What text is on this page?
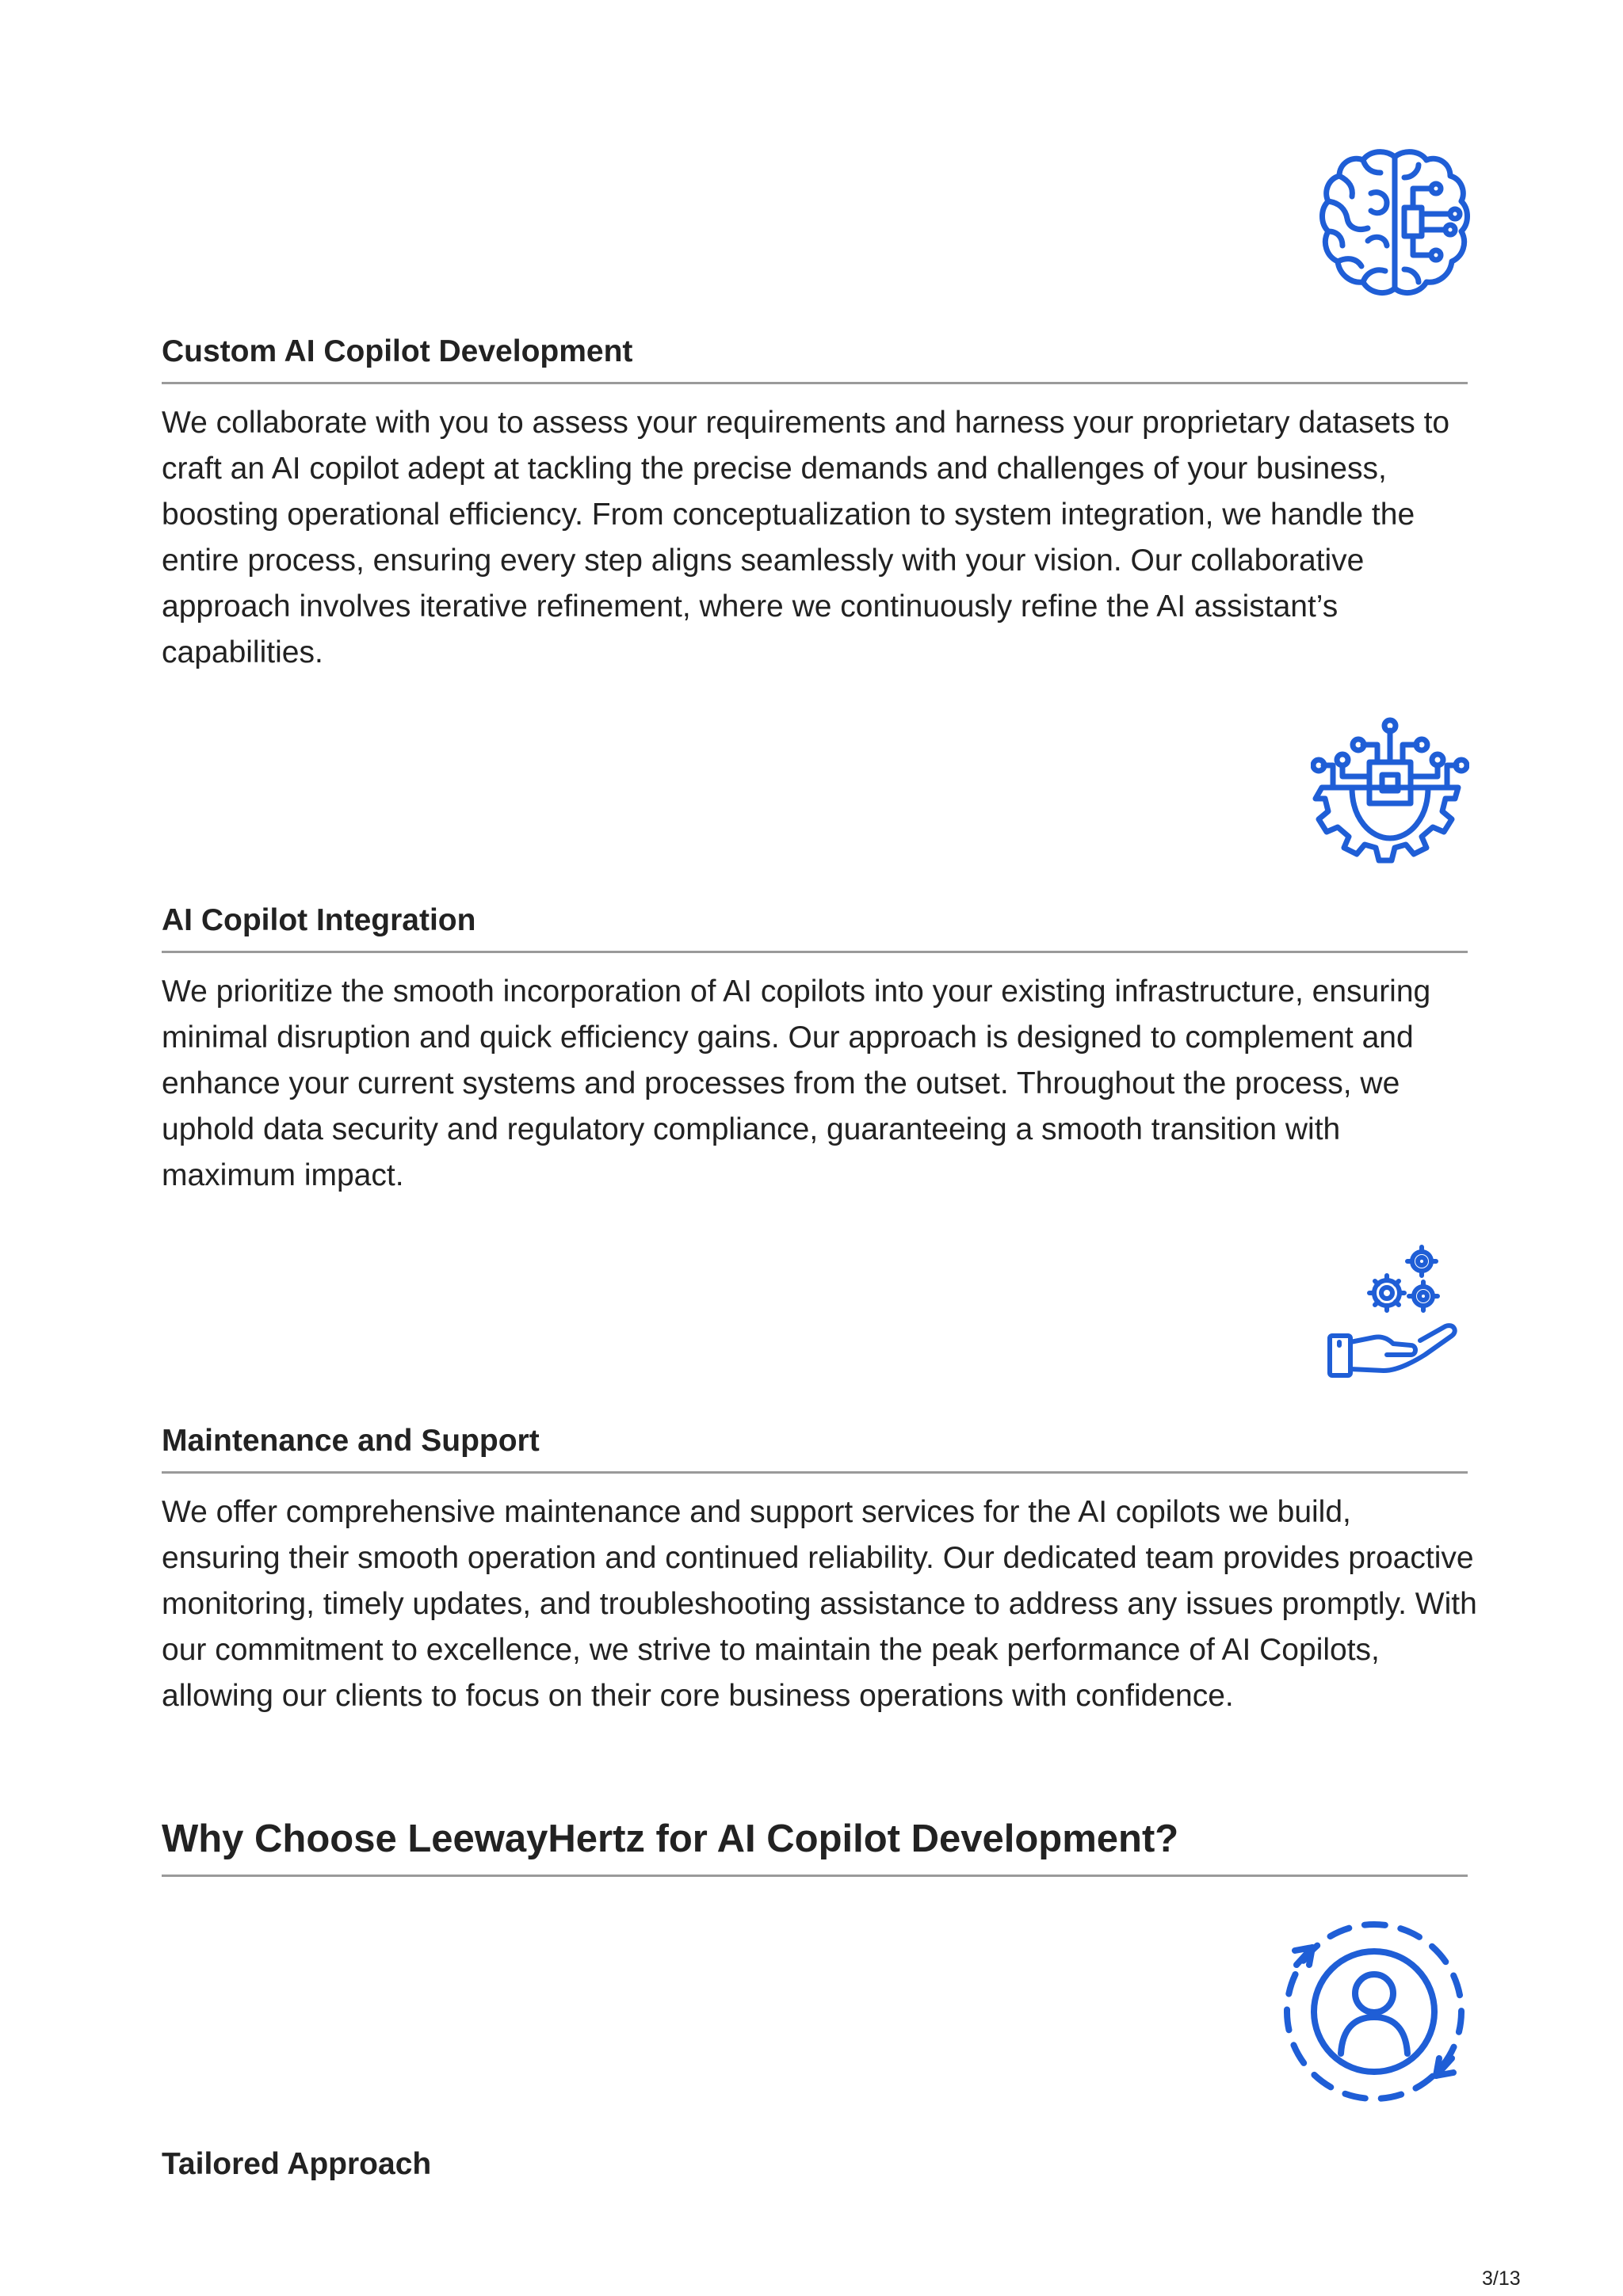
Custom AI Copilot Development

We collaborate with you to assess your requirements and harness your proprietary datasets to craft an AI copilot adept at tackling the precise demands and challenges of your business, boosting operational efficiency. From conceptualization to system integration, we handle the entire process, ensuring every step aligns seamlessly with your vision. Our collaborative approach involves iterative refinement, where we continuously refine the AI assistant’s capabilities.

AI Copilot Integration

We prioritize the smooth incorporation of AI copilots into your existing infrastructure, ensuring minimal disruption and quick efficiency gains. Our approach is designed to complement and enhance your current systems and processes from the outset. Throughout the process, we uphold data security and regulatory compliance, guaranteeing a smooth transition with maximum impact.

Maintenance and Support

We offer comprehensive maintenance and support services for the AI copilots we build, ensuring their smooth operation and continued reliability. Our dedicated team provides proactive monitoring, timely updates, and troubleshooting assistance to address any issues promptly. With our commitment to excellence, we strive to maintain the peak performance of AI Copilots, allowing our clients to focus on their core business operations with confidence.

Why Choose LeewayHertz for AI Copilot Development?
Tailored Approach
3/13
